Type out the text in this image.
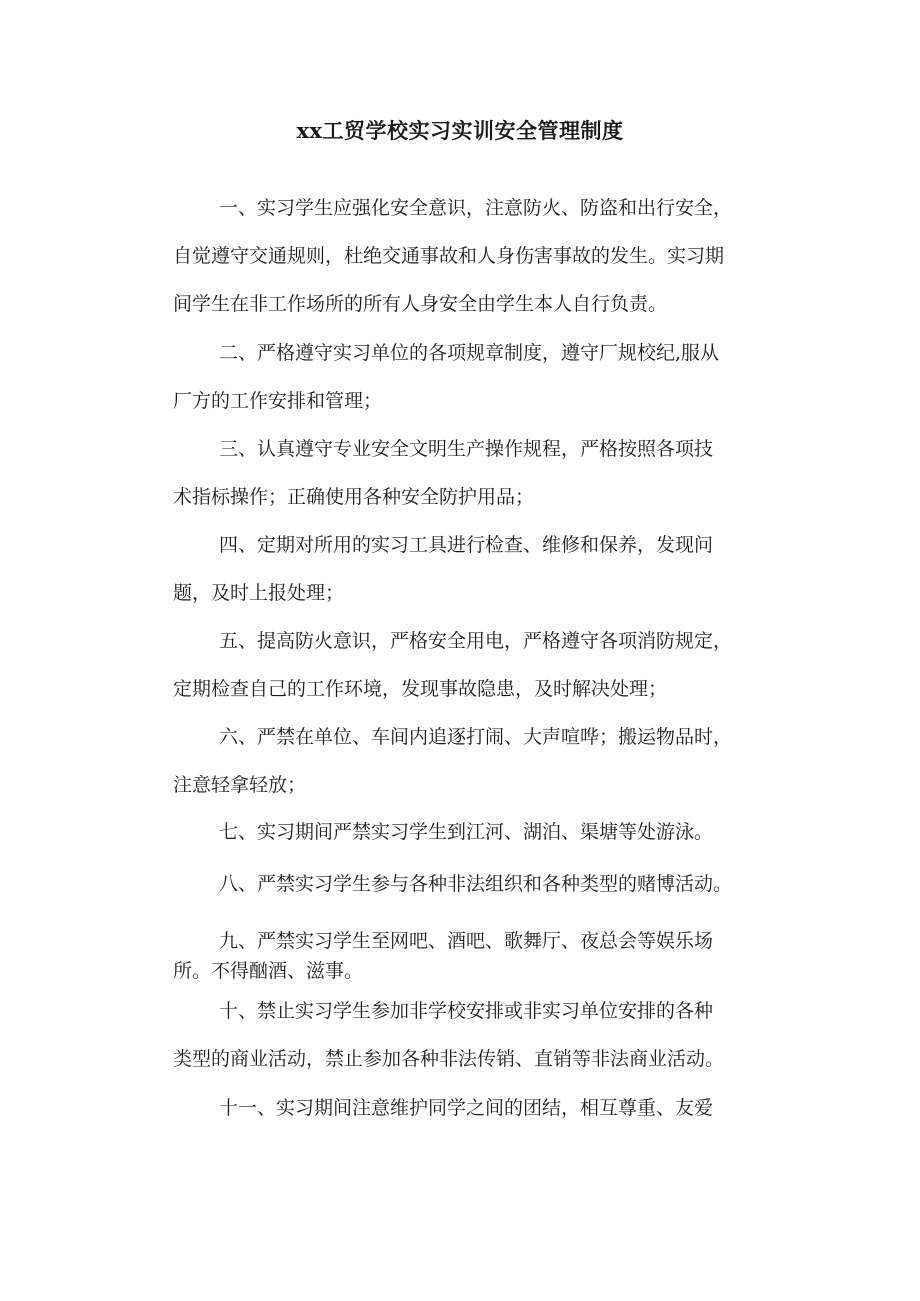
xx工贸学校实习实训安全管理制度
一、实习学生应强化安全意识，注意防火、防盗和出行安全，
自觉遵守交通规则，杜绝交通事故和人身伤害事故的发生。实习期
间学生在非工作场所的所有人身安全由学生本人自行负责。
二、严格遵守实习单位的各项规章制度，遵守厂规校纪,服从
厂方的工作安排和管理；
三、认真遵守专业安全文明生产操作规程，严格按照各项技
术指标操作；正确使用各种安全防护用品；
四、定期对所用的实习工具进行检查、维修和保养，发现问
题，及时上报处理；
五、提高防火意识，严格安全用电，严格遵守各项消防规定，
定期检查自己的工作环境，发现事故隐患，及时解决处理；
六、严禁在单位、车间内追逐打闹、大声喧哗；搬运物品时，
注意轻拿轻放；
七、实习期间严禁实习学生到江河、湖泊、渠塘等处游泳。
八、严禁实习学生参与各种非法组织和各种类型的赌博活动。
九、严禁实习学生至网吧、酒吧、歌舞厅、夜总会等娱乐场
所。不得酗酒、滋事。
十、禁止实习学生参加非学校安排或非实习单位安排的各种
类型的商业活动，禁止参加各种非法传销、直销等非法商业活动。
十一、实习期间注意维护同学之间的团结，相互尊重、友爱
